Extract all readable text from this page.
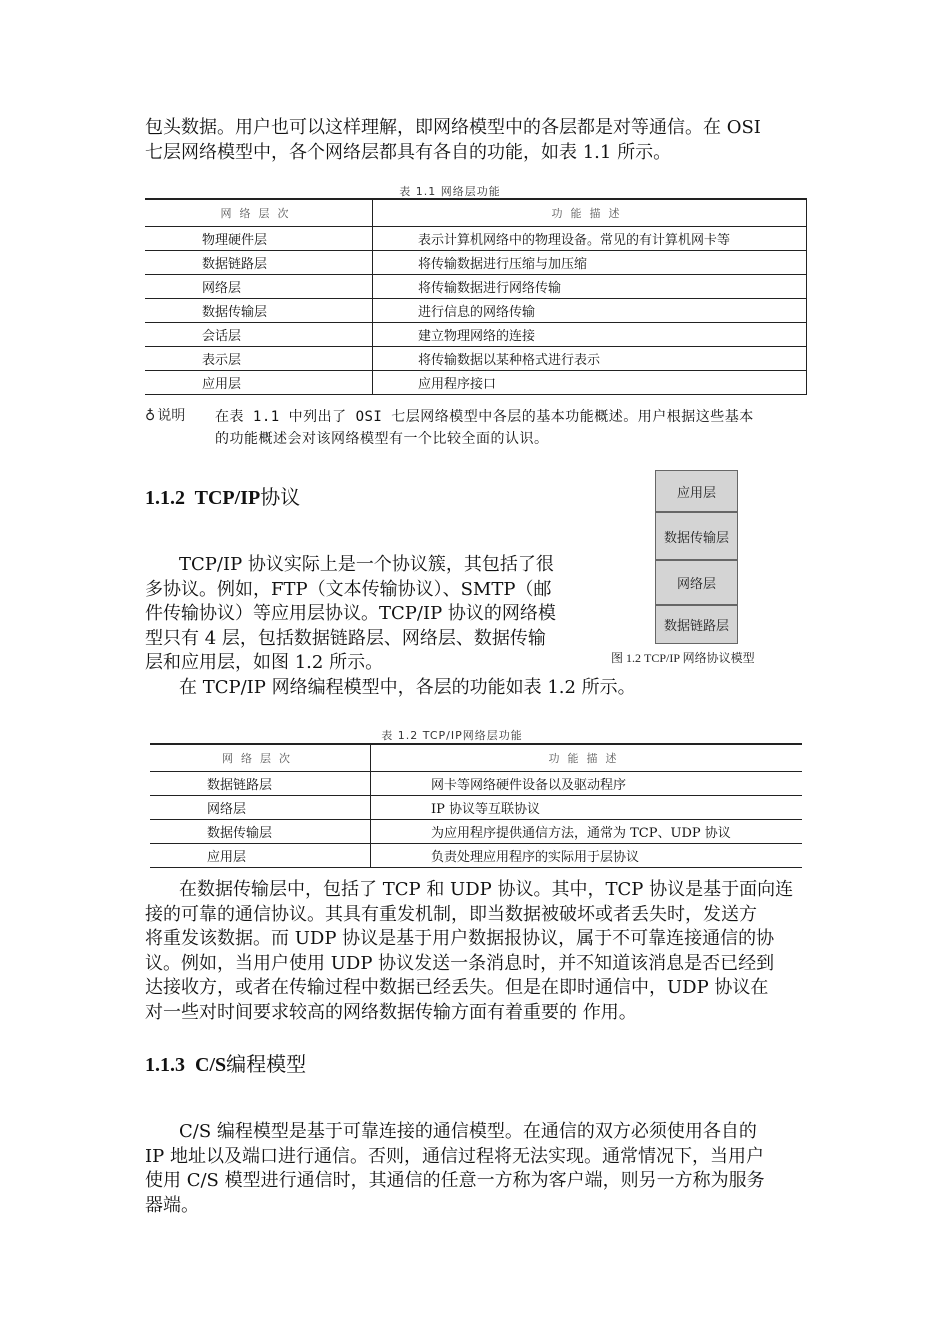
包头数据。用户也可以这样理解，即网络模型中的各层都是对等通信。在 OSI
七层网络模型中，各个网络层都具有各自的功能，如表 1.1 所示。
表 1.1 网络层功能
网络层次	功能描述
物理硬件层	表示计算机网络中的物理设备。常见的有计算机网卡等
数据链路层	将传输数据进行压缩与加压缩
网络层	将传输数据进行网络传输
数据传输层	进行信息的网络传输
会话层	建立物理网络的连接
表示层	将传输数据以某种格式进行表示
应用层	应用程序接口
♁ 说明 在表 1.1 中列出了 OSI 七层网络模型中各层的基本功能概述。用户根据这些基本
的功能概述会对该网络模型有一个比较全面的认识。
1.1.2 TCP/IP协议
TCP/IP 协议实际上是一个协议簇，其包括了很
多协议。例如，FTP（文本传输协议）、SMTP（邮
件传输协议）等应用层协议。TCP/IP 协议的网络模
型只有 4 层，包括数据链路层、网络层、数据传输
层和应用层，如图 1.2 所示。
在 TCP/IP 网络编程模型中，各层的功能如表 1.2 所示。
应用层
数据传输层
网络层
数据链路层
图 1.2 TCP/IP 网络协议模型
表 1.2 TCP/IP网络层功能
网络层次	功能描述
数据链路层	网卡等网络硬件设备以及驱动程序
网络层	IP 协议等互联协议
数据传输层	为应用程序提供通信方法，通常为 TCP、UDP 协议
应用层	负责处理应用程序的实际用于层协议
在数据传输层中，包括了 TCP 和 UDP 协议。其中，TCP 协议是基于面向连
接的可靠的通信协议。其具有重发机制，即当数据被破坏或者丢失时，发送方
将重发该数据。而 UDP 协议是基于用户数据报协议，属于不可靠连接通信的协
议。例如，当用户使用 UDP 协议发送一条消息时，并不知道该消息是否已经到
达接收方，或者在传输过程中数据已经丢失。但是在即时通信中，UDP 协议在
对一些对时间要求较高的网络数据传输方面有着重要的 作用。
1.1.3 C/S编程模型
C/S 编程模型是基于可靠连接的通信模型。在通信的双方必须使用各自的
IP 地址以及端口进行通信。否则，通信过程将无法实现。通常情况下，当用户
使用 C/S 模型进行通信时，其通信的任意一方称为客户端，则另一方称为服务
器端。
